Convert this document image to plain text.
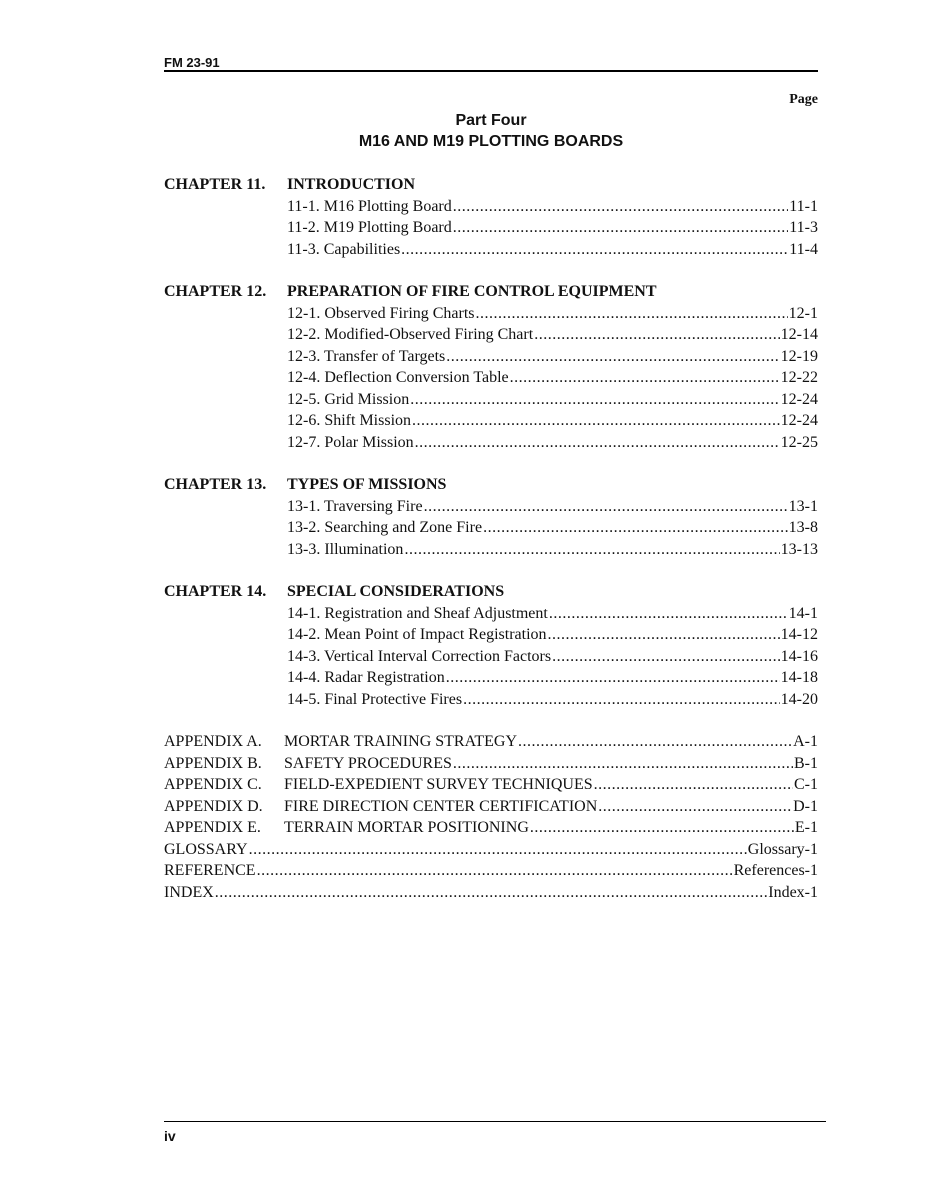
FM 23-91
Page
Part Four
M16 AND M19 PLOTTING BOARDS
CHAPTER 11. INTRODUCTION
11-1. M16 Plotting Board .....	11-1
11-2. M19 Plotting Board .....	11-3
11-3. Capabilities .....	11-4
CHAPTER 12. PREPARATION OF FIRE CONTROL EQUIPMENT
12-1. Observed Firing Charts .....	12-1
12-2. Modified-Observed Firing Chart .....	12-14
12-3. Transfer of Targets .....	12-19
12-4. Deflection Conversion Table .....	12-22
12-5. Grid Mission .....	12-24
12-6. Shift Mission .....	12-24
12-7. Polar Mission .....	12-25
CHAPTER 13. TYPES OF MISSIONS
13-1. Traversing Fire .....	13-1
13-2. Searching and Zone Fire .....	13-8
13-3. Illumination .....	13-13
CHAPTER 14. SPECIAL CONSIDERATIONS
14-1. Registration and Sheaf Adjustment .....	14-1
14-2. Mean Point of Impact Registration .....	14-12
14-3. Vertical Interval Correction Factors .....	14-16
14-4. Radar Registration .....	14-18
14-5. Final Protective Fires .....	14-20
APPENDIX A. MORTAR TRAINING STRATEGY .....	A-1
APPENDIX B. SAFETY PROCEDURES .....	B-1
APPENDIX C. FIELD-EXPEDIENT SURVEY TECHNIQUES .....	C-1
APPENDIX D. FIRE DIRECTION CENTER CERTIFICATION .....	D-1
APPENDIX E. TERRAIN MORTAR POSITIONING .....	E-1
GLOSSARY .....	Glossary-1
REFERENCE .....	References-1
INDEX .....	Index-1
iv
